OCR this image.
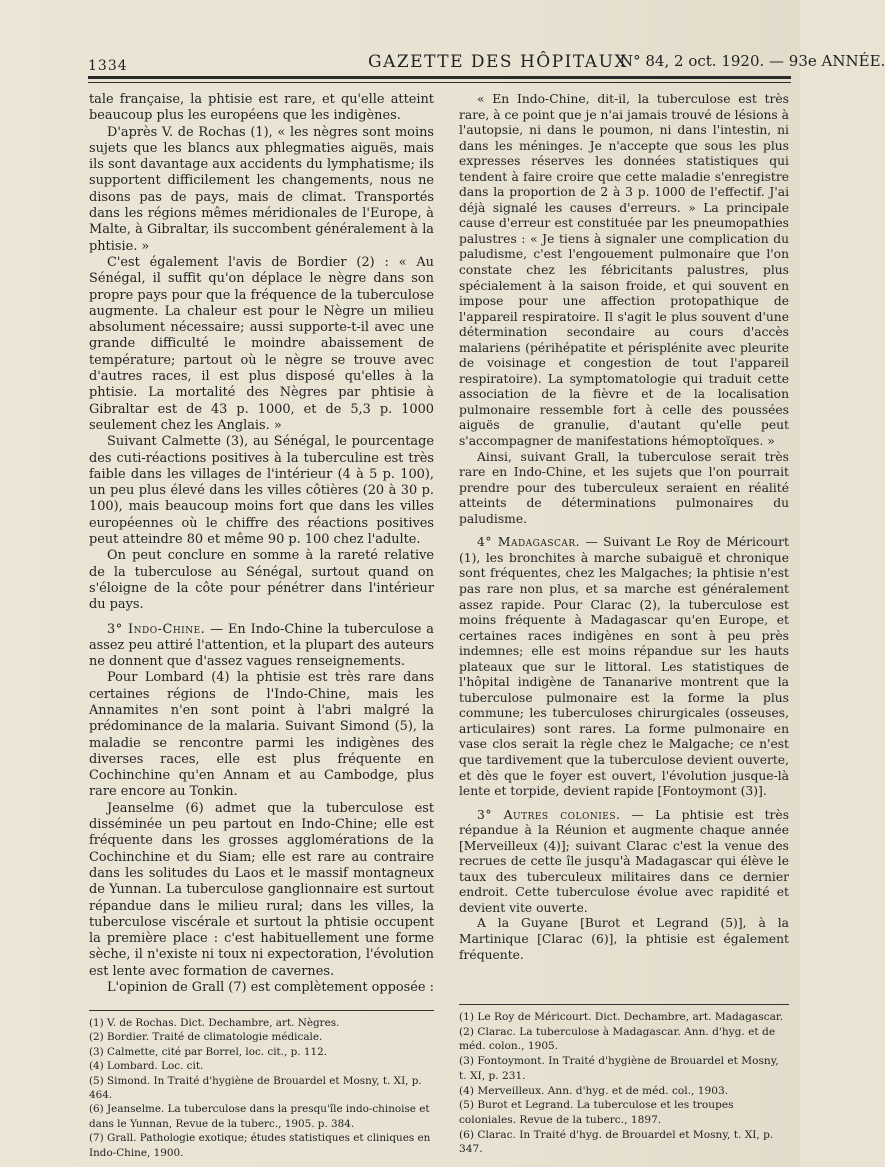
1334	GAZETTE DES HÔPITAUX
N° 84, 2 oct. 1920. — 93e ANNÉE.

tale française, la phtisie est rare, et qu'elle atteint beaucoup plus les européens que les indigènes.

D'après V. de Rochas (1), « les nègres sont moins sujets que les blancs aux phlegmaties aiguës, mais ils sont davantage aux accidents du lymphatisme; ils supportent difficilement les changements, nous ne disons pas de pays, mais de climat. Transportés dans les régions mêmes méridionales de l'Europe, à Malte, à Gibraltar, ils succombent généralement à la phtisie. »

C'est également l'avis de Bordier (2) : « Au Sénégal, il suffit qu'on déplace le nègre dans son propre pays pour que la fréquence de la tuberculose augmente. La chaleur est pour le Nègre un milieu absolument nécessaire; aussi supporte-t-il avec une grande difficulté le moindre abaissement de température; partout où le nègre se trouve avec d'autres races, il est plus disposé qu'elles à la phtisie. La mortalité des Nègres par phtisie à Gibraltar est de 43 p. 1000, et de 5,3 p. 1000 seulement chez les Anglais. »

Suivant Calmette (3), au Sénégal, le pourcentage des cuti-réactions positives à la tuberculine est très faible dans les villages de l'intérieur (4 à 5 p. 100), un peu plus élevé dans les villes côtières (20 à 30 p. 100), mais beaucoup moins fort que dans les villes européennes où le chiffre des réactions positives peut atteindre 80 et même 90 p. 100 chez l'adulte.

On peut conclure en somme à la rareté relative de la tuberculose au Sénégal, surtout quand on s'éloigne de la côte pour pénétrer dans l'intérieur du pays.

3° Indo-Chine. — En Indo-Chine la tuberculose a assez peu attiré l'attention, et la plupart des auteurs ne donnent que d'assez vagues renseignements.

Pour Lombard (4) la phtisie est très rare dans certaines régions de l'Indo-Chine, mais les Annamites n'en sont point à l'abri malgré la prédominance de la malaria. Suivant Simond (5), la maladie se rencontre parmi les indigènes des diverses races, elle est plus fréquente en Cochinchine qu'en Annam et au Cambodge, plus rare encore au Tonkin.

Jeanselme (6) admet que la tuberculose est disséminée un peu partout en Indo-Chine; elle est fréquente dans les grosses agglomérations de la Cochinchine et du Siam; elle est rare au contraire dans les solitudes du Laos et le massif montagneux de Yunnan. La tuberculose ganglionnaire est surtout répandue dans le milieu rural; dans les villes, la tuberculose viscérale et surtout la phtisie occupent la première place : c'est habituellement une forme sèche, il n'existe ni toux ni expectoration, l'évolution est lente avec formation de cavernes.

L'opinion de Grall (7) est complètement opposée :

(1) V. de Rochas. Dict. Dechambre, art. Nègres.

(2) Bordier. Traité de climatologie médicale.

(3) Calmette, cité par Borrel, loc. cit., p. 112.

(4) Lombard. Loc. cit.

(5) Simond. In Traité d'hygiène de Brouardel et Mosny, t. XI, p. 464.

(6) Jeanselme. La tuberculose dans la presqu'île indo-chinoise et dans le Yunnan, Revue de la tuberc., 1905. p. 384.

(7) Grall. Pathologie exotique; études statistiques et cliniques en Indo-Chine, 1900.

« En Indo-Chine, dit-il, la tuberculose est très rare, à ce point que je n'ai jamais trouvé de lésions à l'autopsie, ni dans le poumon, ni dans l'intestin, ni dans les méninges. Je n'accepte que sous les plus expresses réserves les données statistiques qui tendent à faire croire que cette maladie s'enregistre dans la proportion de 2 à 3 p. 1000 de l'effectif. J'ai déjà signalé les causes d'erreurs. » La principale cause d'erreur est constituée par les pneumopathies palustres : « Je tiens à signaler une complication du paludisme, c'est l'engouement pulmonaire que l'on constate chez les fébricitants palustres, plus spécialement à la saison froide, et qui souvent en impose pour une affection protopathique de l'appareil respiratoire. Il s'agit le plus souvent d'une détermination secondaire au cours d'accès malariens (périhépatite et périsplénite avec pleurite de voisinage et congestion de tout l'appareil respiratoire). La symptomatologie qui traduit cette association de la fièvre et de la localisation pulmonaire ressemble fort à celle des poussées aiguës de granulie, d'autant qu'elle peut s'accompagner de manifestations hémoptoïques. »

Ainsi, suivant Grall, la tuberculose serait très rare en Indo-Chine, et les sujets que l'on pourrait prendre pour des tuberculeux seraient en réalité atteints de déterminations pulmonaires du paludisme.

4° Madagascar. — Suivant Le Roy de Méricourt (1), les bronchites à marche subaiguë et chronique sont fréquentes, chez les Malgaches; la phtisie n'est pas rare non plus, et sa marche est généralement assez rapide. Pour Clarac (2), la tuberculose est moins fréquente à Madagascar qu'en Europe, et certaines races indigènes en sont à peu près indemnes; elle est moins répandue sur les hauts plateaux que sur le littoral. Les statistiques de l'hôpital indigène de Tananarive montrent que la tuberculose pulmonaire est la forme la plus commune; les tuberculoses chirurgicales (osseuses, articulaires) sont rares. La forme pulmonaire en vase clos serait la règle chez le Malgache; ce n'est que tardivement que la tuberculose devient ouverte, et dès que le foyer est ouvert, l'évolution jusque-là lente et torpide, devient rapide [Fontoymont (3)].

3° Autres colonies. — La phtisie est très répandue à la Réunion et augmente chaque année [Merveilleux (4)]; suivant Clarac c'est la venue des recrues de cette île jusqu'à Madagascar qui élève le taux des tuberculeux militaires dans ce dernier endroit. Cette tuberculose évolue avec rapidité et devient vite ouverte.

A la Guyane [Burot et Legrand (5)], à la Martinique [Clarac (6)], la phtisie est également fréquente.

(1) Le Roy de Méricourt. Dict. Dechambre, art. Madagascar.

(2) Clarac. La tuberculose à Madagascar. Ann. d'hyg. et de méd. colon., 1905.

(3) Fontoymont. In Traité d'hygiène de Brouardel et Mosny, t. XI, p. 231.

(4) Merveilleux. Ann. d'hyg. et de méd. col., 1903.

(5) Burot et Legrand. La tuberculose et les troupes coloniales. Revue de la tuberc., 1897.

(6) Clarac. In Traité d'hyg. de Brouardel et Mosny, t. XI, p. 347.
